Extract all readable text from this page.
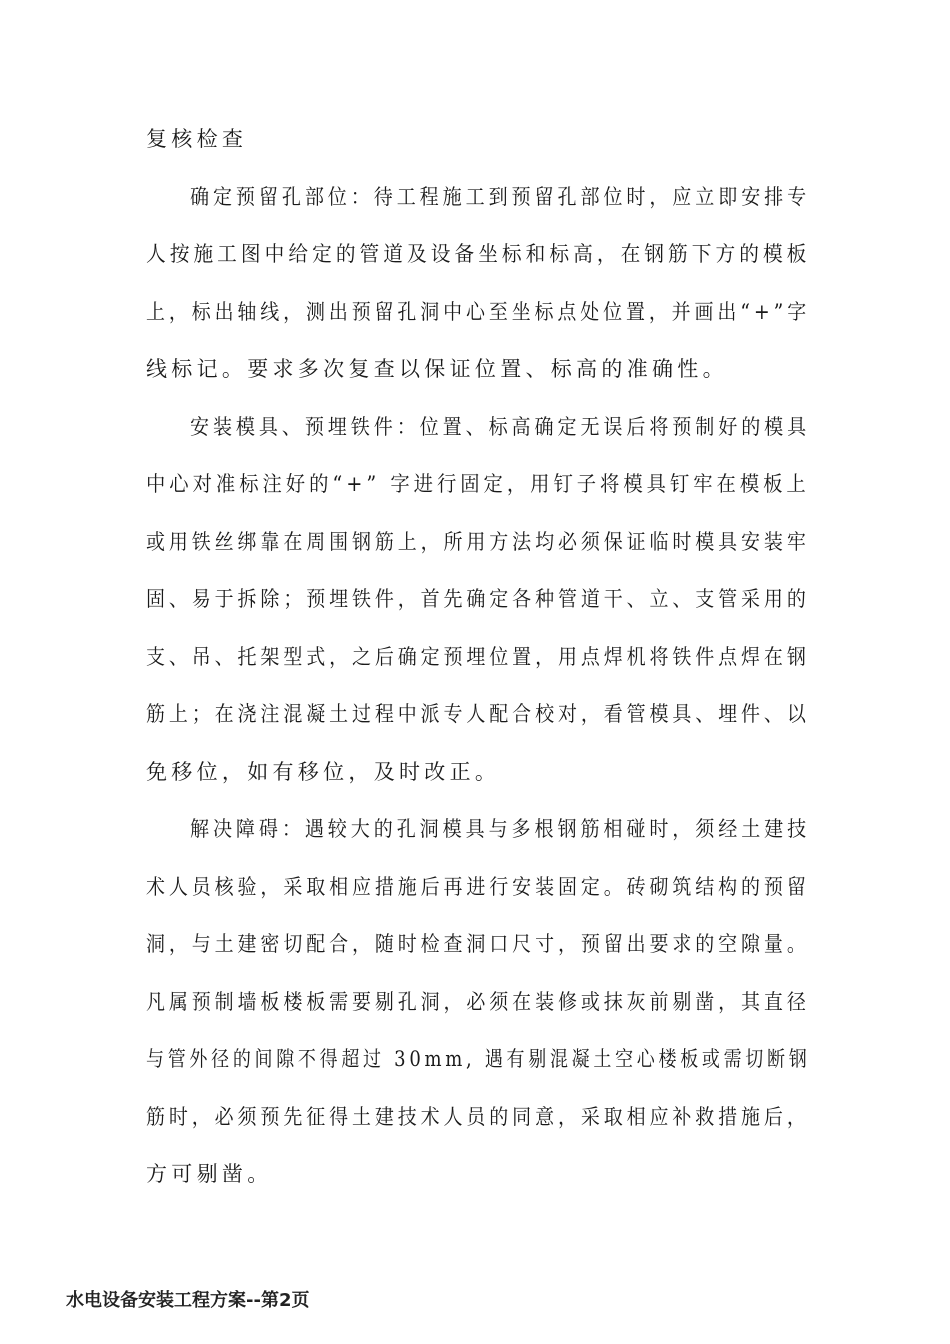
复核检查
确定预留孔部位：待工程施工到预留孔部位时，应立即安排专
人按施工图中给定的管道及设备坐标和标高，在钢筋下方的模板
上，标出轴线，测出预留孔洞中心至坐标点处位置，并画出“+”字
线标记。要求多次复查以保证位置、标高的准确性。
安装模具、预埋铁件：位置、标高确定无误后将预制好的模具
中心对准标注好的“+” 字进行固定，用钉子将模具钉牢在模板上
或用铁丝绑靠在周围钢筋上，所用方法均必须保证临时模具安装牢
固、易于拆除；预埋铁件，首先确定各种管道干、立、支管采用的
支、吊、托架型式，之后确定预埋位置，用点焊机将铁件点焊在钢
筋上；在浇注混凝土过程中派专人配合校对，看管模具、埋件、以
免移位，如有移位，及时改正。
解决障碍：遇较大的孔洞模具与多根钢筋相碰时，须经土建技
术人员核验，采取相应措施后再进行安装固定。砖砌筑结构的预留
洞，与土建密切配合，随时检查洞口尺寸，预留出要求的空隙量。
凡属预制墙板楼板需要剔孔洞，必须在装修或抹灰前剔凿，其直径
与管外径的间隙不得超过 30mm, 遇有剔混凝土空心楼板或需切断钢
筋时，必须预先征得土建技术人员的同意，采取相应补救措施后，
方可剔凿。
水电设备安装工程方案--第2页
